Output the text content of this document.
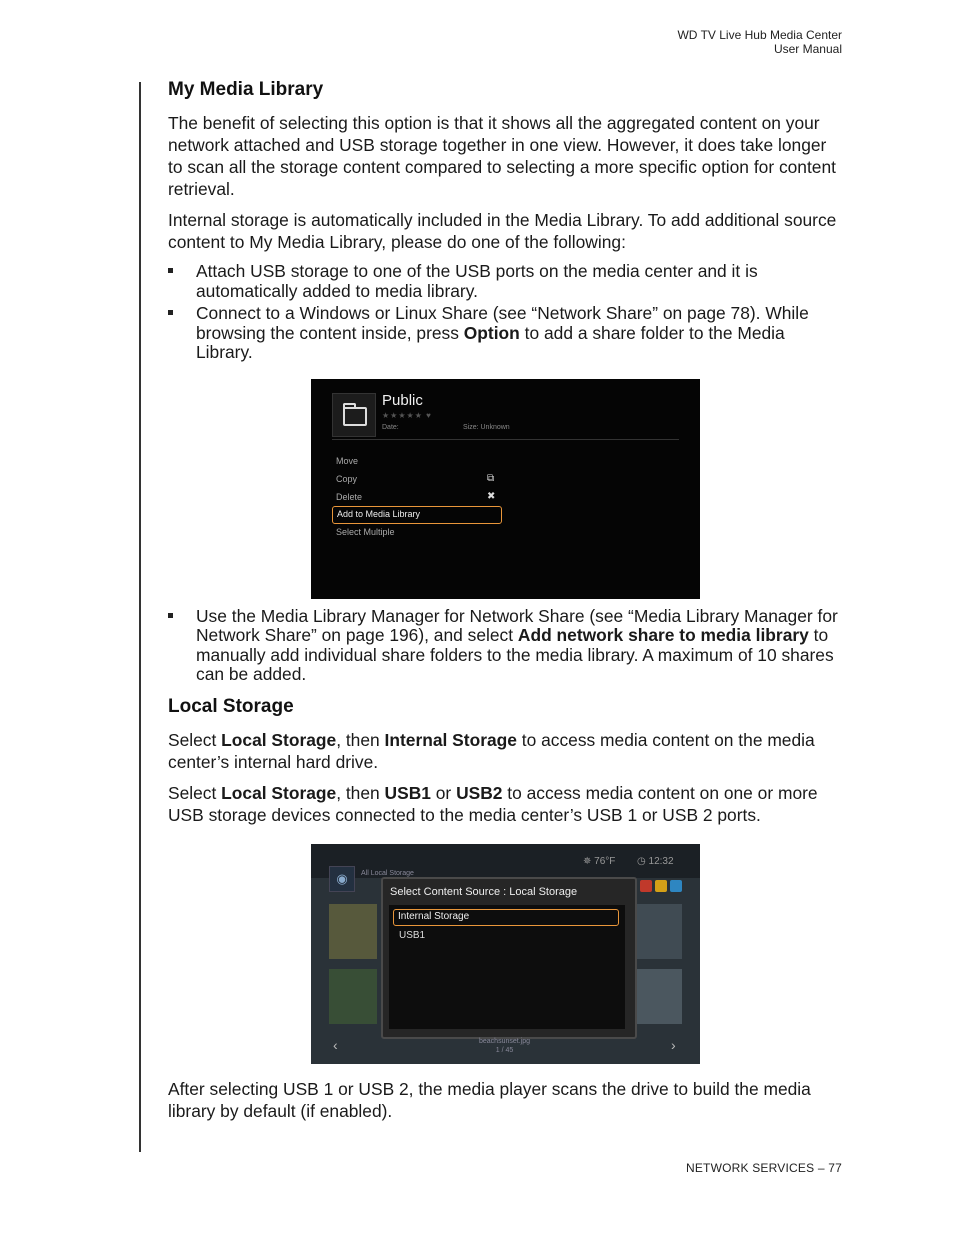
WD TV Live Hub Media Center
User Manual
My Media Library

The benefit of selecting this option is that it shows all the aggregated content on your network attached and USB storage together in one view. However, it does take longer to scan all the storage content compared to selecting a more specific option for content retrieval.

Internal storage is automatically included in the Media Library. To add additional source content to My Media Library, please do one of the following:

Attach USB storage to one of the USB ports on the media center and it is automatically added to media library.
Connect to a Windows or Linux Share (see “Network Share” on page 78). While browsing the content inside, press Option to add a share folder to the Media Library.
Public
★★★★★ ♥
Date:	Size: Unknown
Move
Copy	⧉
Delete	✖
Add to Media Library
Select Multiple
Use the Media Library Manager for Network Share (see “Media Library Manager for Network Share” on page 196), and select Add network share to media library to manually add individual share folders to the media library. A maximum of 10 shares can be added.
Local Storage

Select Local Storage, then Internal Storage to access media content on the media center’s internal hard drive.

Select Local Storage, then USB1 or USB2 to access media content on one or more USB storage devices connected to the media center’s USB 1 or USB 2 ports.

◉	All Local Storage
✵ 76°F ◷ 12:32
Select Content Source : Local Storage
Internal Storage
USB1
beachsunset.jpg
1 / 45
‹	›

After selecting USB 1 or USB 2, the media player scans the drive to build the media library by default (if enabled).

NETWORK SERVICES – 77
